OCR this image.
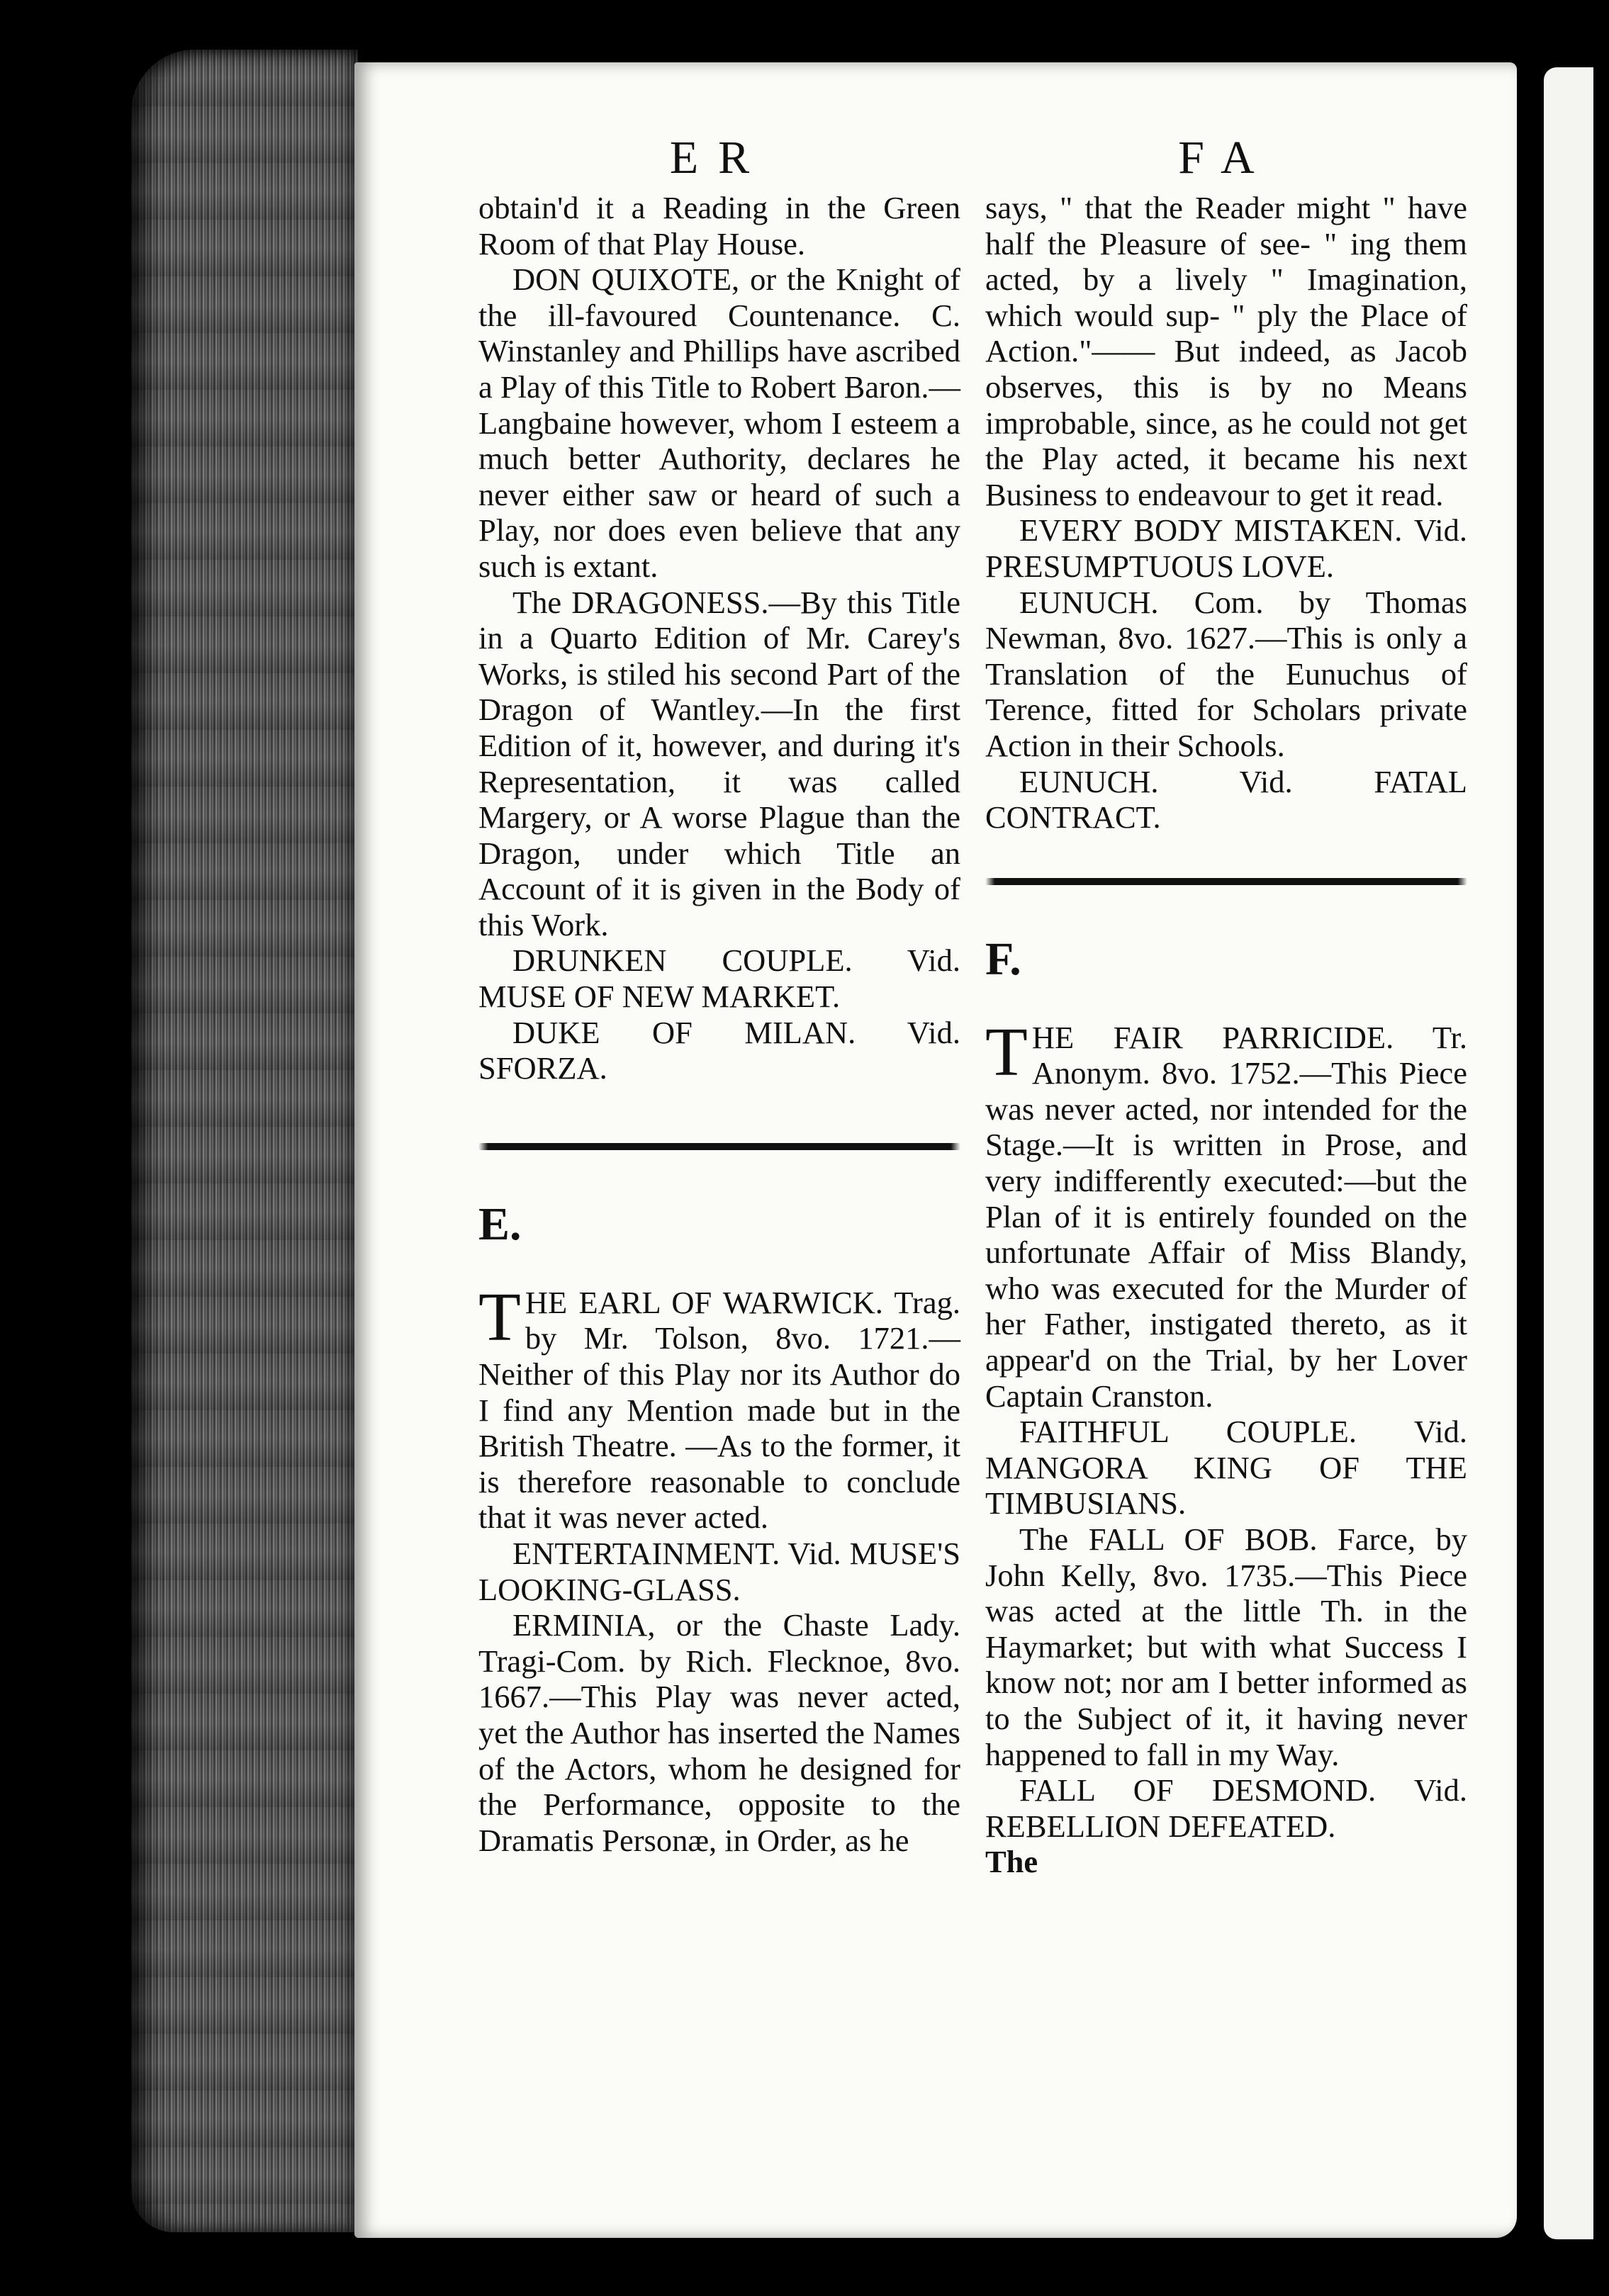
ER	FA

obtain'd it a Reading in the Green Room of that Play House.

DON QUIXOTE, or the Knight of the ill-favoured Countenance. C. Winstanley and Phillips have ascribed a Play of this Title to Robert Baron.—Langbaine however, whom I esteem a much better Authority, declares he never either saw or heard of such a Play, nor does even believe that any such is extant.

The DRAGONESS.—By this Title in a Quarto Edition of Mr. Carey's Works, is stiled his second Part of the Dragon of Wantley.—In the first Edition of it, however, and during it's Representation, it was called Margery, or A worse Plague than the Dragon, under which Title an Account of it is given in the Body of this Work.

DRUNKEN COUPLE. Vid. MUSE OF NEW MARKET.

DUKE OF MILAN. Vid. SFORZA.

E.

THE EARL OF WARWICK. Trag. by Mr. Tolson, 8vo. 1721.—Neither of this Play nor its Author do I find any Mention made but in the British Theatre. —As to the former, it is therefore reasonable to conclude that it was never acted.

ENTERTAINMENT. Vid. MUSE'S LOOKING-GLASS.

ERMINIA, or the Chaste Lady. Tragi-Com. by Rich. Flecknoe, 8vo. 1667.—This Play was never acted, yet the Author has inserted the Names of the Actors, whom he designed for the Performance, opposite to the Dramatis Personæ, in Order, as he

says, " that the Reader might " have half the Pleasure of see- " ing them acted, by a lively " Imagination, which would sup- " ply the Place of Action."—— But indeed, as Jacob observes, this is by no Means improbable, since, as he could not get the Play acted, it became his next Business to endeavour to get it read.

EVERY BODY MISTAKEN. Vid. PRESUMPTUOUS LOVE.

EUNUCH. Com. by Thomas Newman, 8vo. 1627.—This is only a Translation of the Eunuchus of Terence, fitted for Scholars private Action in their Schools.

EUNUCH. Vid. FATAL CONTRACT.

F.

THE FAIR PARRICIDE. Tr. Anonym. 8vo. 1752.—This Piece was never acted, nor intended for the Stage.—It is written in Prose, and very indifferently executed:—but the Plan of it is entirely founded on the unfortunate Affair of Miss Blandy, who was executed for the Murder of her Father, instigated thereto, as it appear'd on the Trial, by her Lover Captain Cranston.

FAITHFUL COUPLE. Vid. MANGORA KING OF THE TIMBUSIANS.

The FALL OF BOB. Farce, by John Kelly, 8vo. 1735.—This Piece was acted at the little Th. in the Haymarket; but with what Success I know not; nor am I better informed as to the Subject of it, it having never happened to fall in my Way.

FALL OF DESMOND. Vid. REBELLION DEFEATED.

The
